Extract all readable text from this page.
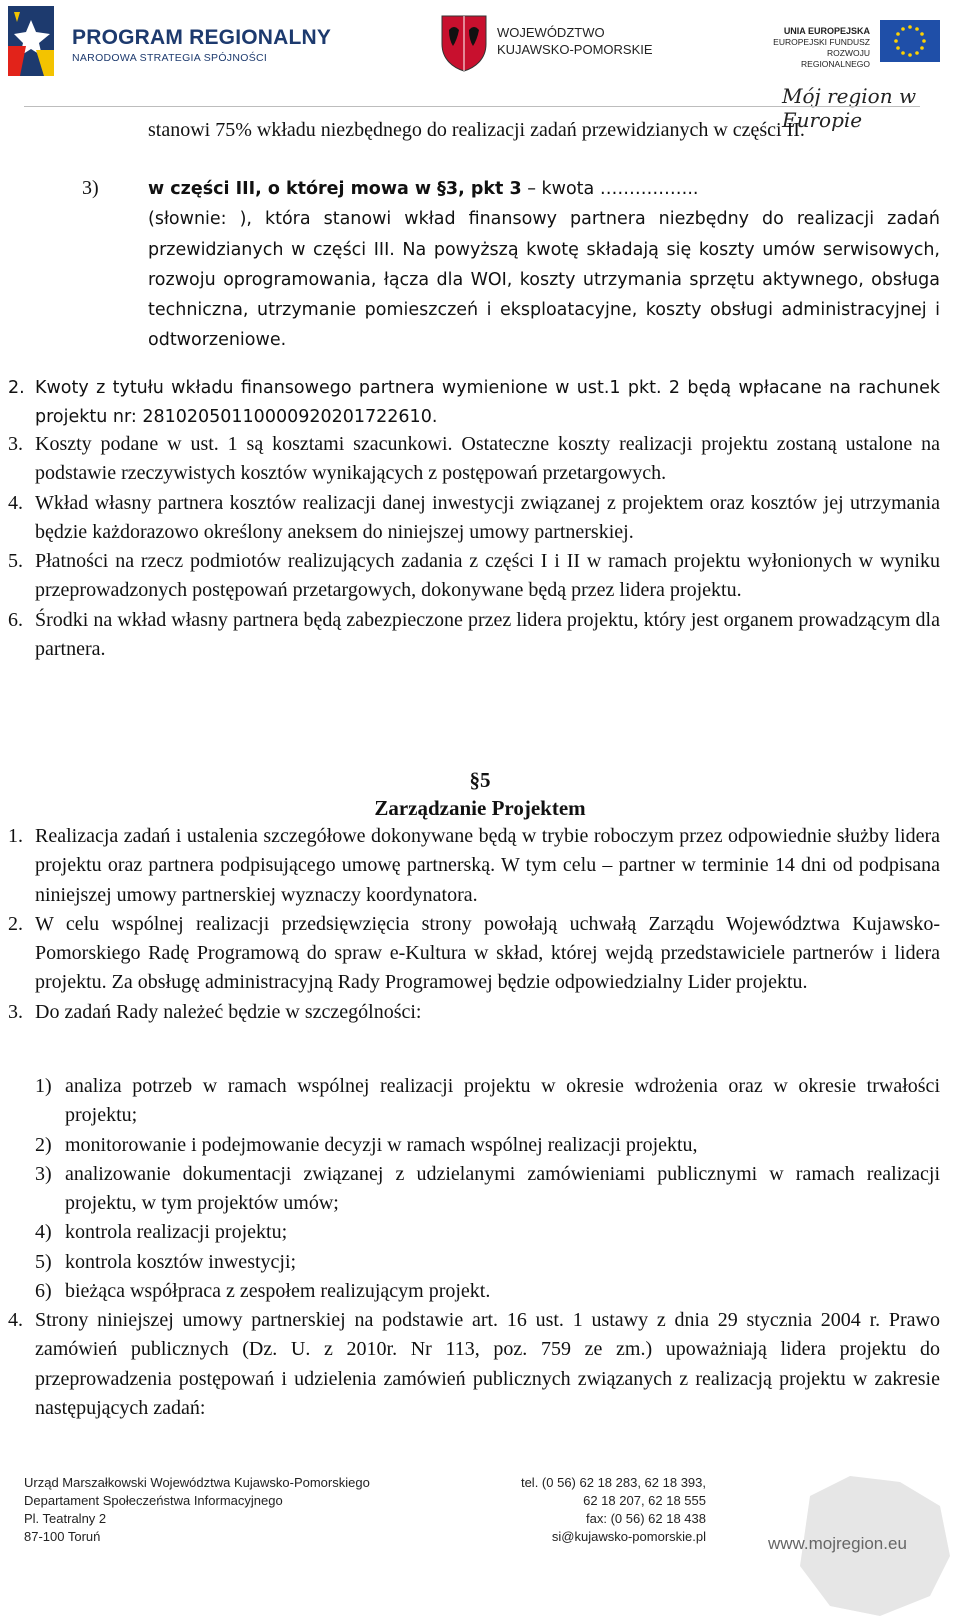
PROGRAM REGIONALNY
NARODOWA STRATEGIA SPÓJNOŚCI
WOJEWÓDZTWO
KUJAWSKO-POMORSKIE
UNIA EUROPEJSKA
EUROPEJSKI FUNDUSZ
ROZWOJU REGIONALNEGO
Mój region w Europie
stanowi 75% wkładu niezbędnego do realizacji zadań przewidzianych w części II.
3)	w części III, o której mowa w §3, pkt 3 – kwota ……………..
(słownie: ), która stanowi wkład finansowy partnera niezbędny do realizacji zadań przewidzianych w części III. Na powyższą kwotę składają się koszty umów serwisowych, rozwoju oprogramowania, łącza dla WOI, koszty utrzymania sprzętu aktywnego, obsługa techniczna, utrzymanie pomieszczeń i eksploatacyjne, koszty obsługi administracyjnej i odtworzeniowe.

2. Kwoty z tytułu wkładu finansowego partnera wymienione w ust.1 pkt. 2 będą wpłacane na rachunek projektu nr: 28102050110000920201722610.

3. Koszty podane w ust. 1 są kosztami szacunkowi. Ostateczne koszty realizacji projektu zostaną ustalone na podstawie rzeczywistych kosztów wynikających z postępowań przetargowych.

4. Wkład własny partnera kosztów realizacji danej inwestycji związanej z projektem oraz kosztów jej utrzymania będzie każdorazowo określony aneksem do niniejszej umowy partnerskiej.

5. Płatności na rzecz podmiotów realizujących zadania z części I i II w ramach projektu wyłonionych w wyniku przeprowadzonych postępowań przetargowych, dokonywane będą przez lidera projektu.

6. Środki na wkład własny partnera będą zabezpieczone przez lidera projektu, który jest organem prowadzącym dla partnera.

§5
Zarządzanie Projektem

1. Realizacja zadań i ustalenia szczegółowe dokonywane będą w trybie roboczym przez odpowiednie służby lidera projektu oraz partnera podpisującego umowę partnerską. W tym celu – partner w terminie 14 dni od podpisana niniejszej umowy partnerskiej wyznaczy koordynatora.

2. W celu wspólnej realizacji przedsięwzięcia strony powołają uchwałą Zarządu Województwa Kujawsko-Pomorskiego Radę Programową do spraw e-Kultura w skład, której wejdą przedstawiciele partnerów i lidera projektu. Za obsługę administracyjną Rady Programowej będzie odpowiedzialny Lider projektu.

3. Do zadań Rady należeć będzie w szczególności:

1) analiza potrzeb w ramach wspólnej realizacji projektu w okresie wdrożenia oraz w okresie trwałości projektu;

2) monitorowanie i podejmowanie decyzji w ramach wspólnej realizacji projektu,

3) analizowanie dokumentacji związanej z udzielanymi zamówieniami publicznymi w ramach realizacji projektu, w tym projektów umów;

4) kontrola realizacji projektu;

5) kontrola kosztów inwestycji;

6) bieżąca współpraca z zespołem realizującym projekt.

4. Strony niniejszej umowy partnerskiej na podstawie art. 16 ust. 1 ustawy z dnia 29 stycznia 2004 r. Prawo zamówień publicznych (Dz. U. z 2010r. Nr 113, poz. 759 ze zm.) upoważniają lidera projektu do przeprowadzenia postępowań i udzielenia zamówień publicznych związanych z realizacją projektu w zakresie następujących zadań:

Urząd Marszałkowski Województwa Kujawsko-Pomorskiego
Departament Społeczeństwa Informacyjnego
Pl. Teatralny 2
87-100 Toruń
tel. (0 56) 62 18 283, 62 18 393,
62 18 207, 62 18 555
fax: (0 56) 62 18 438
si@kujawsko-pomorskie.pl	www.mojregion.eu
